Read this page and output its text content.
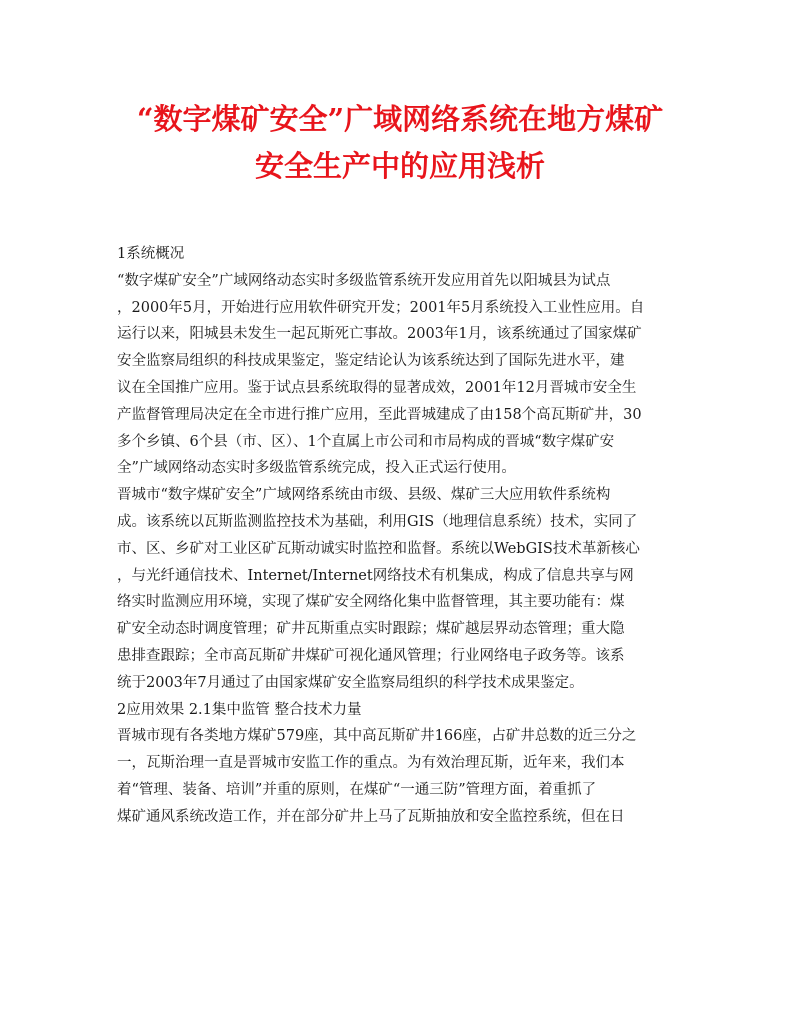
“数字煤矿安全”广域网络系统在地方煤矿
安全生产中的应用浅析
1系统概况
“数字煤矿安全”广域网络动态实时多级监管系统开发应用首先以阳城县为试点
，2000年5月，开始进行应用软件研究开发；2001年5月系统投入工业性应用。自
运行以来，阳城县未发生一起瓦斯死亡事故。2003年1月，该系统通过了国家煤矿
安全监察局组织的科技成果鉴定，鉴定结论认为该系统达到了国际先进水平，建
议在全国推广应用。鉴于试点县系统取得的显著成效，2001年12月晋城市安全生
产监督管理局决定在全市进行推广应用，至此晋城建成了由158个高瓦斯矿井，30
多个乡镇、6个县（市、区）、1个直属上市公司和市局构成的晋城“数字煤矿安
全”广域网络动态实时多级监管系统完成，投入正式运行使用。
晋城市“数字煤矿安全”广域网络系统由市级、县级、煤矿三大应用软件系统构
成。该系统以瓦斯监测监控技术为基础，利用GIS（地理信息系统）技术，实同了
市、区、乡矿对工业区矿瓦斯动诚实时监控和监督。系统以WebGIS技术革新核心
，与光纤通信技术、Internet/Internet网络技术有机集成，构成了信息共享与网
络实时监测应用环境，实现了煤矿安全网络化集中监督管理，其主要功能有：煤
矿安全动态时调度管理；矿井瓦斯重点实时跟踪；煤矿越层界动态管理；重大隐
患排查跟踪；全市高瓦斯矿井煤矿可视化通风管理；行业网络电子政务等。该系
统于2003年7月通过了由国家煤矿安全监察局组织的科学技术成果鉴定。
2应用效果 2.1集中监管 整合技术力量
晋城市现有各类地方煤矿579座，其中高瓦斯矿井166座，占矿井总数的近三分之
一，瓦斯治理一直是晋城市安监工作的重点。为有效治理瓦斯，近年来，我们本
着“管理、装备、培训”并重的原则，在煤矿“一通三防”管理方面，着重抓了
煤矿通风系统改造工作，并在部分矿井上马了瓦斯抽放和安全监控系统，但在日
